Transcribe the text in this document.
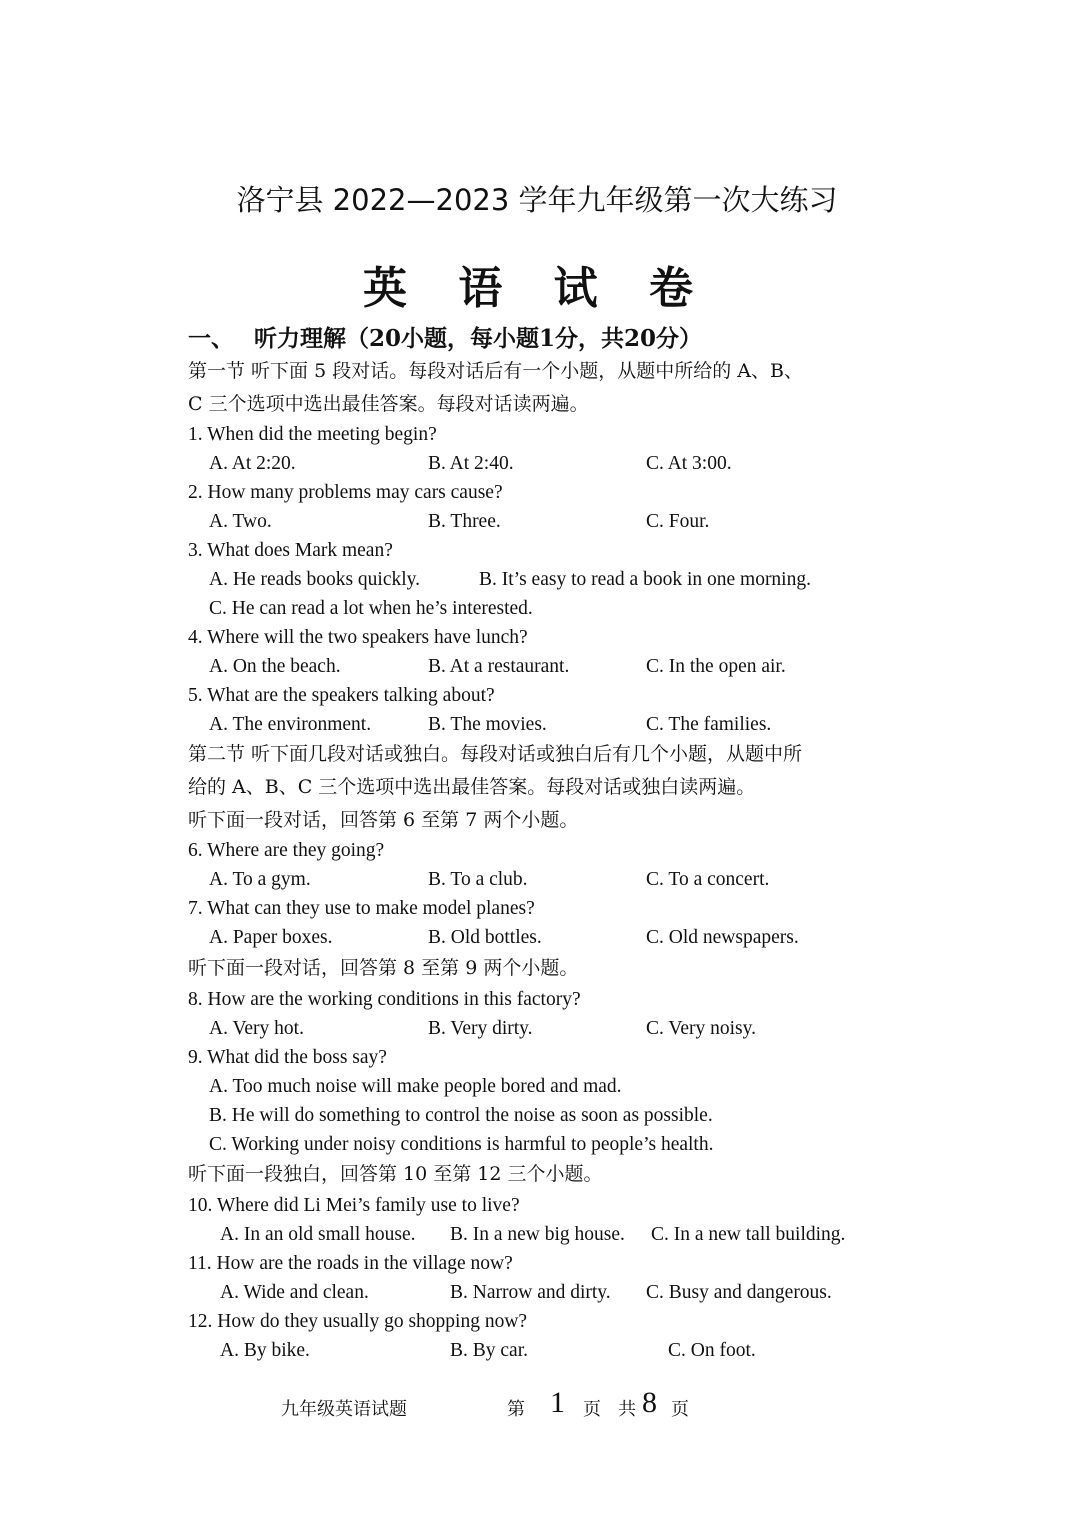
洛宁县 2022—2023 学年九年级第一次大练习
英 语 试 卷
一、 听力理解（20小题，每小题1分，共20分）
第一节 听下面 5 段对话。每段对话后有一个小题，从题中所给的 A、B、
C 三个选项中选出最佳答案。每段对话读两遍。
1. When did the meeting begin?
A. At 2:20.	B. At 2:40.	C. At 3:00.
2. How many problems may cars cause?
A. Two.	B. Three.	C. Four.
3. What does Mark mean?
A. He reads books quickly.	B. It’s easy to read a book in one morning.
C. He can read a lot when he’s interested.
4. Where will the two speakers have lunch?
A. On the beach.	B. At a restaurant.	C. In the open air.
5. What are the speakers talking about?
A. The environment.	B. The movies.	C. The families.
第二节 听下面几段对话或独白。每段对话或独白后有几个小题，从题中所
给的 A、B、C 三个选项中选出最佳答案。每段对话或独白读两遍。
听下面一段对话，回答第 6 至第 7 两个小题。
6. Where are they going?
A. To a gym.	B. To a club.	C. To a concert.
7. What can they use to make model planes?
A. Paper boxes.	B. Old bottles.	C. Old newspapers.
听下面一段对话，回答第 8 至第 9 两个小题。
8. How are the working conditions in this factory?
A. Very hot.	B. Very dirty.	C. Very noisy.
9. What did the boss say?
A. Too much noise will make people bored and mad.
B. He will do something to control the noise as soon as possible.
C. Working under noisy conditions is harmful to people’s health.
听下面一段独白，回答第 10 至第 12 三个小题。
10. Where did Li Mei’s family use to live?
A. In an old small house. B. In a new big house. C. In a new tall building.
11. How are the roads in the village now?
A. Wide and clean.	B. Narrow and dirty. C. Busy and dangerous.
12. How do they usually go shopping now?
A. By bike.	B. By car.	C. On foot.
九年级英语试题	第 1 页   共 8 页
